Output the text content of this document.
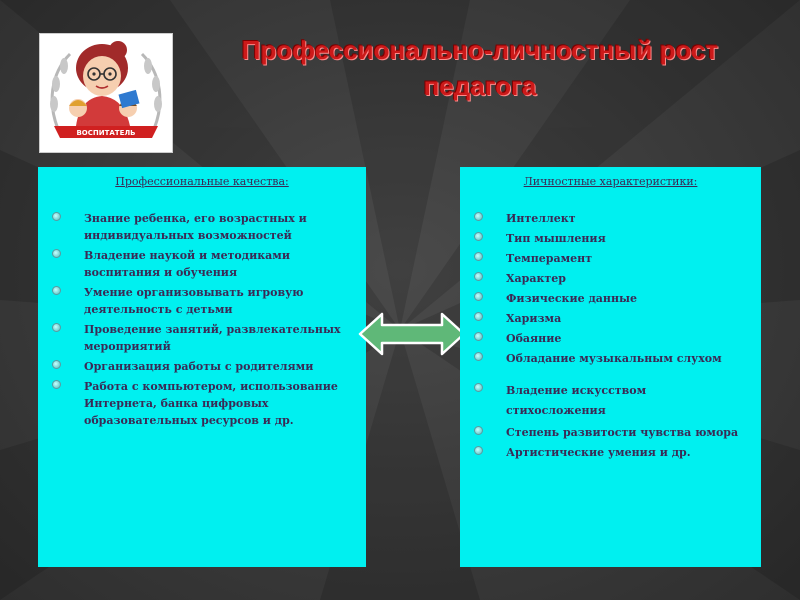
ВОСПИТАТЕЛЬ
Профессионально-личностный рост
педагога
Профессиональные качества:
Знание ребенка, его возрастных и индивидуальных возможностей
Владение наукой и методиками воспитания и обучения
Умение организовывать игровую деятельность с детьми
Проведение занятий, развлекательных мероприятий
Организация работы с родителями
Работа с компьютером, использование Интернета, банка цифровых образовательных ресурсов и др.
Личностные характеристики:
Интеллект
Тип мышления
Темперамент
Характер
Физические данные
Харизма
Обаяние
Обладание музыкальным слухом
Владение искусством стихосложения
Степень развитости чувства юмора
Артистические умения и др.
